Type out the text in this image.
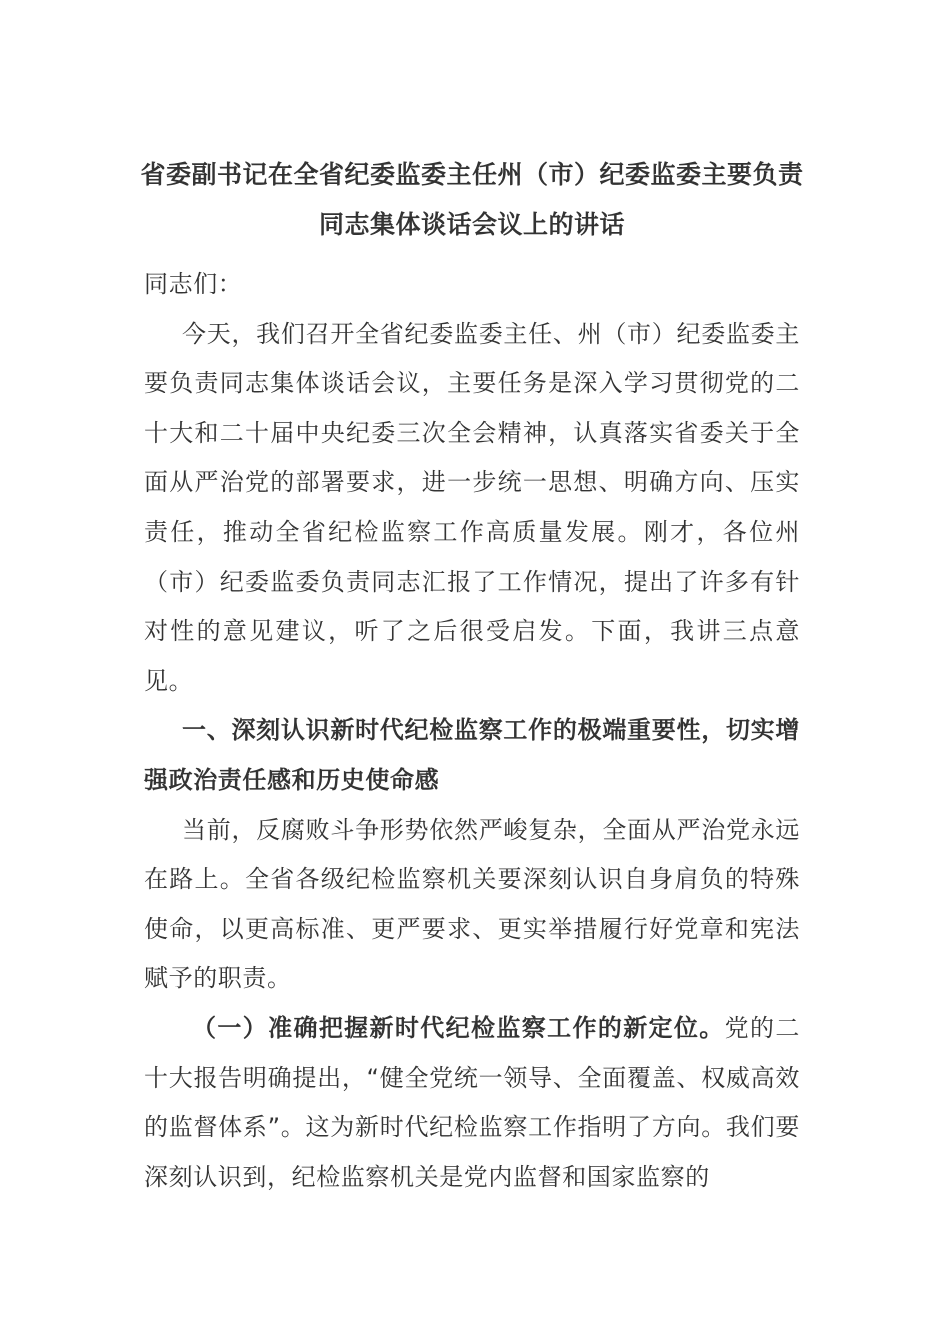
省委副书记在全省纪委监委主任州（市）纪委监委主要负责同志集体谈话会议上的讲话

同志们：

今天，我们召开全省纪委监委主任、州（市）纪委监委主要负责同志集体谈话会议，主要任务是深入学习贯彻党的二十大和二十届中央纪委三次全会精神，认真落实省委关于全面从严治党的部署要求，进一步统一思想、明确方向、压实责任，推动全省纪检监察工作高质量发展。刚才，各位州（市）纪委监委负责同志汇报了工作情况，提出了许多有针对性的意见建议，听了之后很受启发。下面，我讲三点意见。

一、深刻认识新时代纪检监察工作的极端重要性，切实增强政治责任感和历史使命感

当前，反腐败斗争形势依然严峻复杂，全面从严治党永远在路上。全省各级纪检监察机关要深刻认识自身肩负的特殊使命，以更高标准、更严要求、更实举措履行好党章和宪法赋予的职责。

（一）准确把握新时代纪检监察工作的新定位。党的二十大报告明确提出，“健全党统一领导、全面覆盖、权威高效的监督体系”。这为新时代纪检监察工作指明了方向。我们要深刻认识到，纪检监察机关是党内监督和国家监察的
